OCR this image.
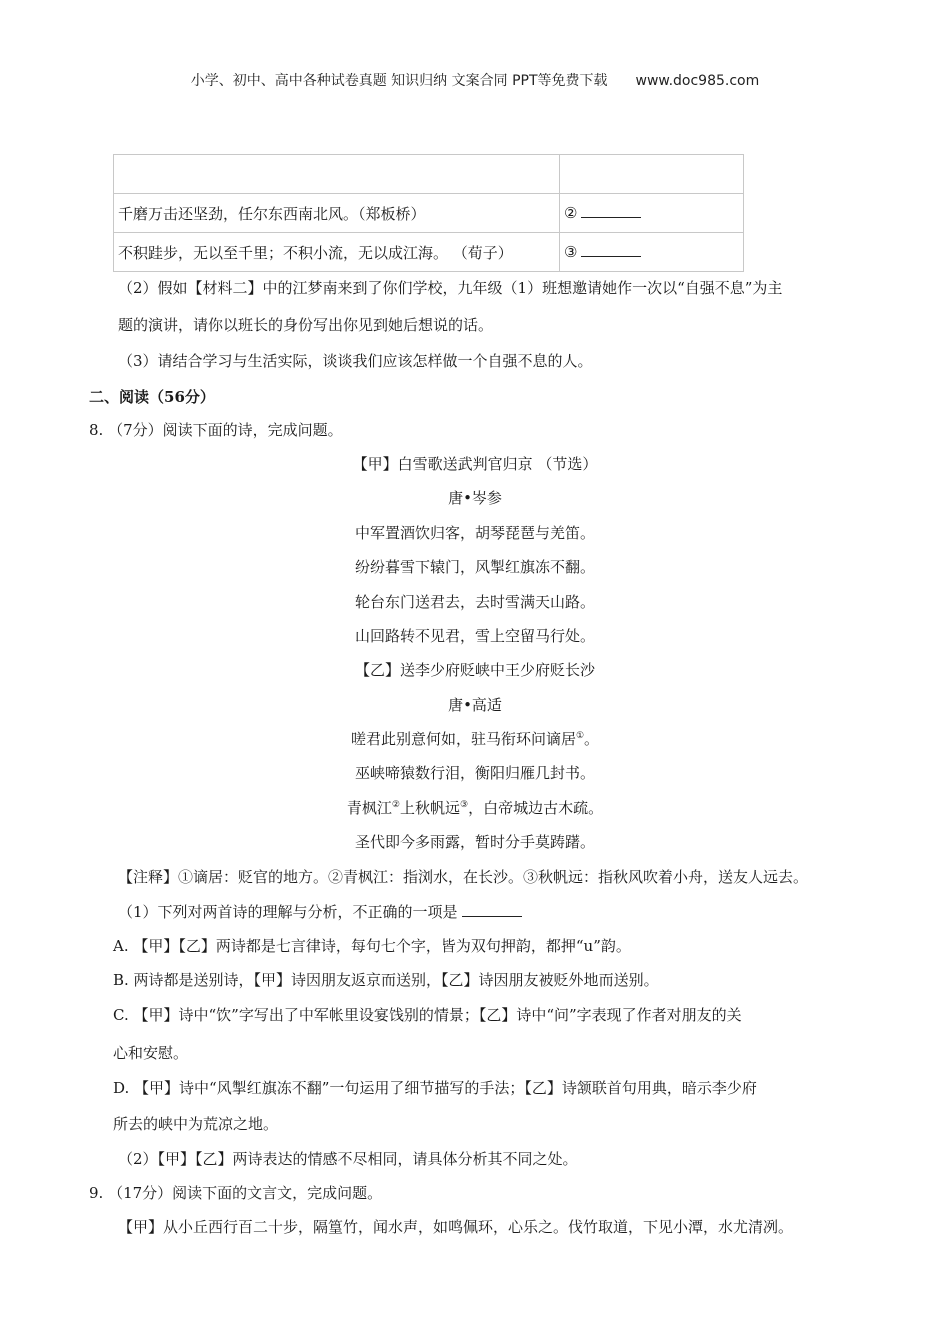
小学、初中、高中各种试卷真题 知识归纳 文案合同 PPT等免费下载 www.doc985.com

千磨万击还坚劲，任尔东西南北风。（郑板桥）	②
不积跬步，无以至千里；不积小流，无以成江海。 （荀子）	③
（2）假如【材料二】中的江梦南来到了你们学校，九年级（1）班想邀请她作一次以“自强不息”为主
题的演讲，请你以班长的身份写出你见到她后想说的话。
（3）请结合学习与生活实际，谈谈我们应该怎样做一个自强不息的人。
二、阅读（56分）
8. （7分）阅读下面的诗，完成问题。
【甲】白雪歌送武判官归京 （节选）
唐•岑参
中军置酒饮归客，胡琴琵琶与羌笛。
纷纷暮雪下辕门，风掣红旗冻不翻。
轮台东门送君去，去时雪满天山路。
山回路转不见君，雪上空留马行处。
【乙】送李少府贬峡中王少府贬长沙
唐•高适
嗟君此别意何如，驻马衔环问谪居①。
巫峡啼猿数行泪，衡阳归雁几封书。
青枫江②上秋帆远③，白帝城边古木疏。
圣代即今多雨露，暂时分手莫踌躇。
【注释】①谪居：贬官的地方。②青枫江：指浏水，在长沙。③秋帆远：指秋风吹着小舟，送友人远去。
（1）下列对两首诗的理解与分析，不正确的一项是
A. 【甲】【乙】两诗都是七言律诗，每句七个字，皆为双句押韵，都押“u”韵。
B. 两诗都是送别诗，【甲】诗因朋友返京而送别，【乙】诗因朋友被贬外地而送别。
C. 【甲】诗中“饮”字写出了中军帐里设宴饯别的情景；【乙】诗中“问”字表现了作者对朋友的关
心和安慰。
D. 【甲】诗中“风掣红旗冻不翻”一句运用了细节描写的手法；【乙】诗颔联首句用典，暗示李少府
所去的峡中为荒凉之地。
（2）【甲】【乙】两诗表达的情感不尽相同，请具体分析其不同之处。
9. （17分）阅读下面的文言文，完成问题。
【甲】从小丘西行百二十步，隔篁竹，闻水声，如鸣佩环，心乐之。伐竹取道，下见小潭，水尤清冽。
